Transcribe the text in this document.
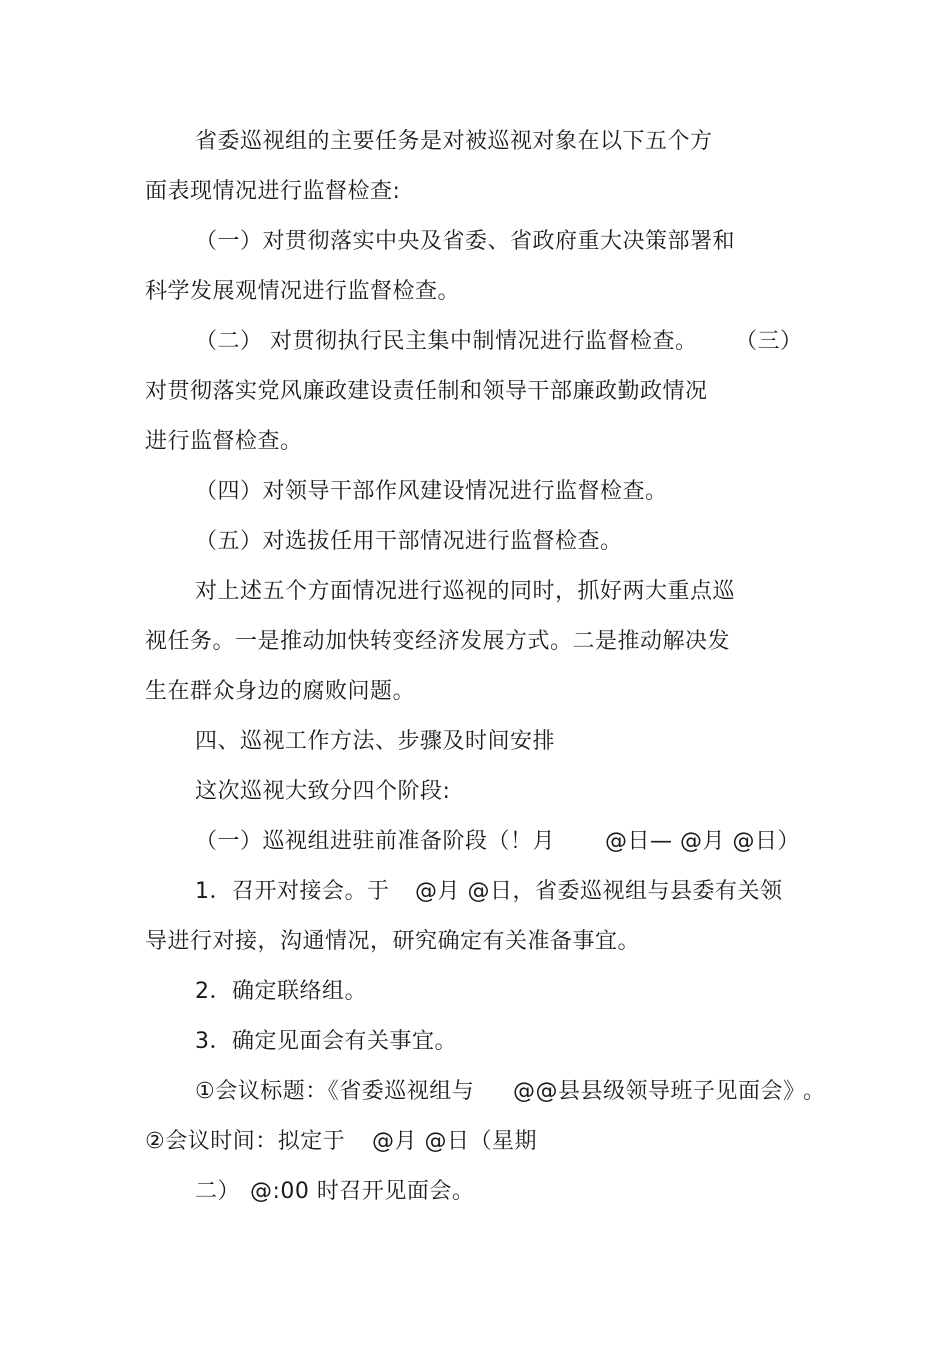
省委巡视组的主要任务是对被巡视对象在以下五个方
面表现情况进行监督检查:
（一）对贯彻落实中央及省委、省政府重大决策部署和
科学发展观情况进行监督检查。
（二） 对贯彻执行民主集中制情况进行监督检查。 （三）
对贯彻落实党风廉政建设责任制和领导干部廉政勤政情况
进行监督检查。
（四）对领导干部作风建设情况进行监督检查。
（五）对选拔任用干部情况进行监督检查。
对上述五个方面情况进行巡视的同时，抓好两大重点巡
视任务。一是推动加快转变经济发展方式。二是推动解决发
生在群众身边的腐败问题。
四、巡视工作方法、步骤及时间安排
这次巡视大致分四个阶段:
（一）巡视组进驻前准备阶段（！月 @日— @月 @日）
1．召开对接会。于 @月 @日，省委巡视组与县委有关领
导进行对接，沟通情况，研究确定有关准备事宜。
2．确定联络组。
3．确定见面会有关事宜。
①会议标题：《省委巡视组与 @@县县级领导班子见面会》
。
②会议时间：拟定于 @月 @日（星期
二） @:00 时召开见面会。
